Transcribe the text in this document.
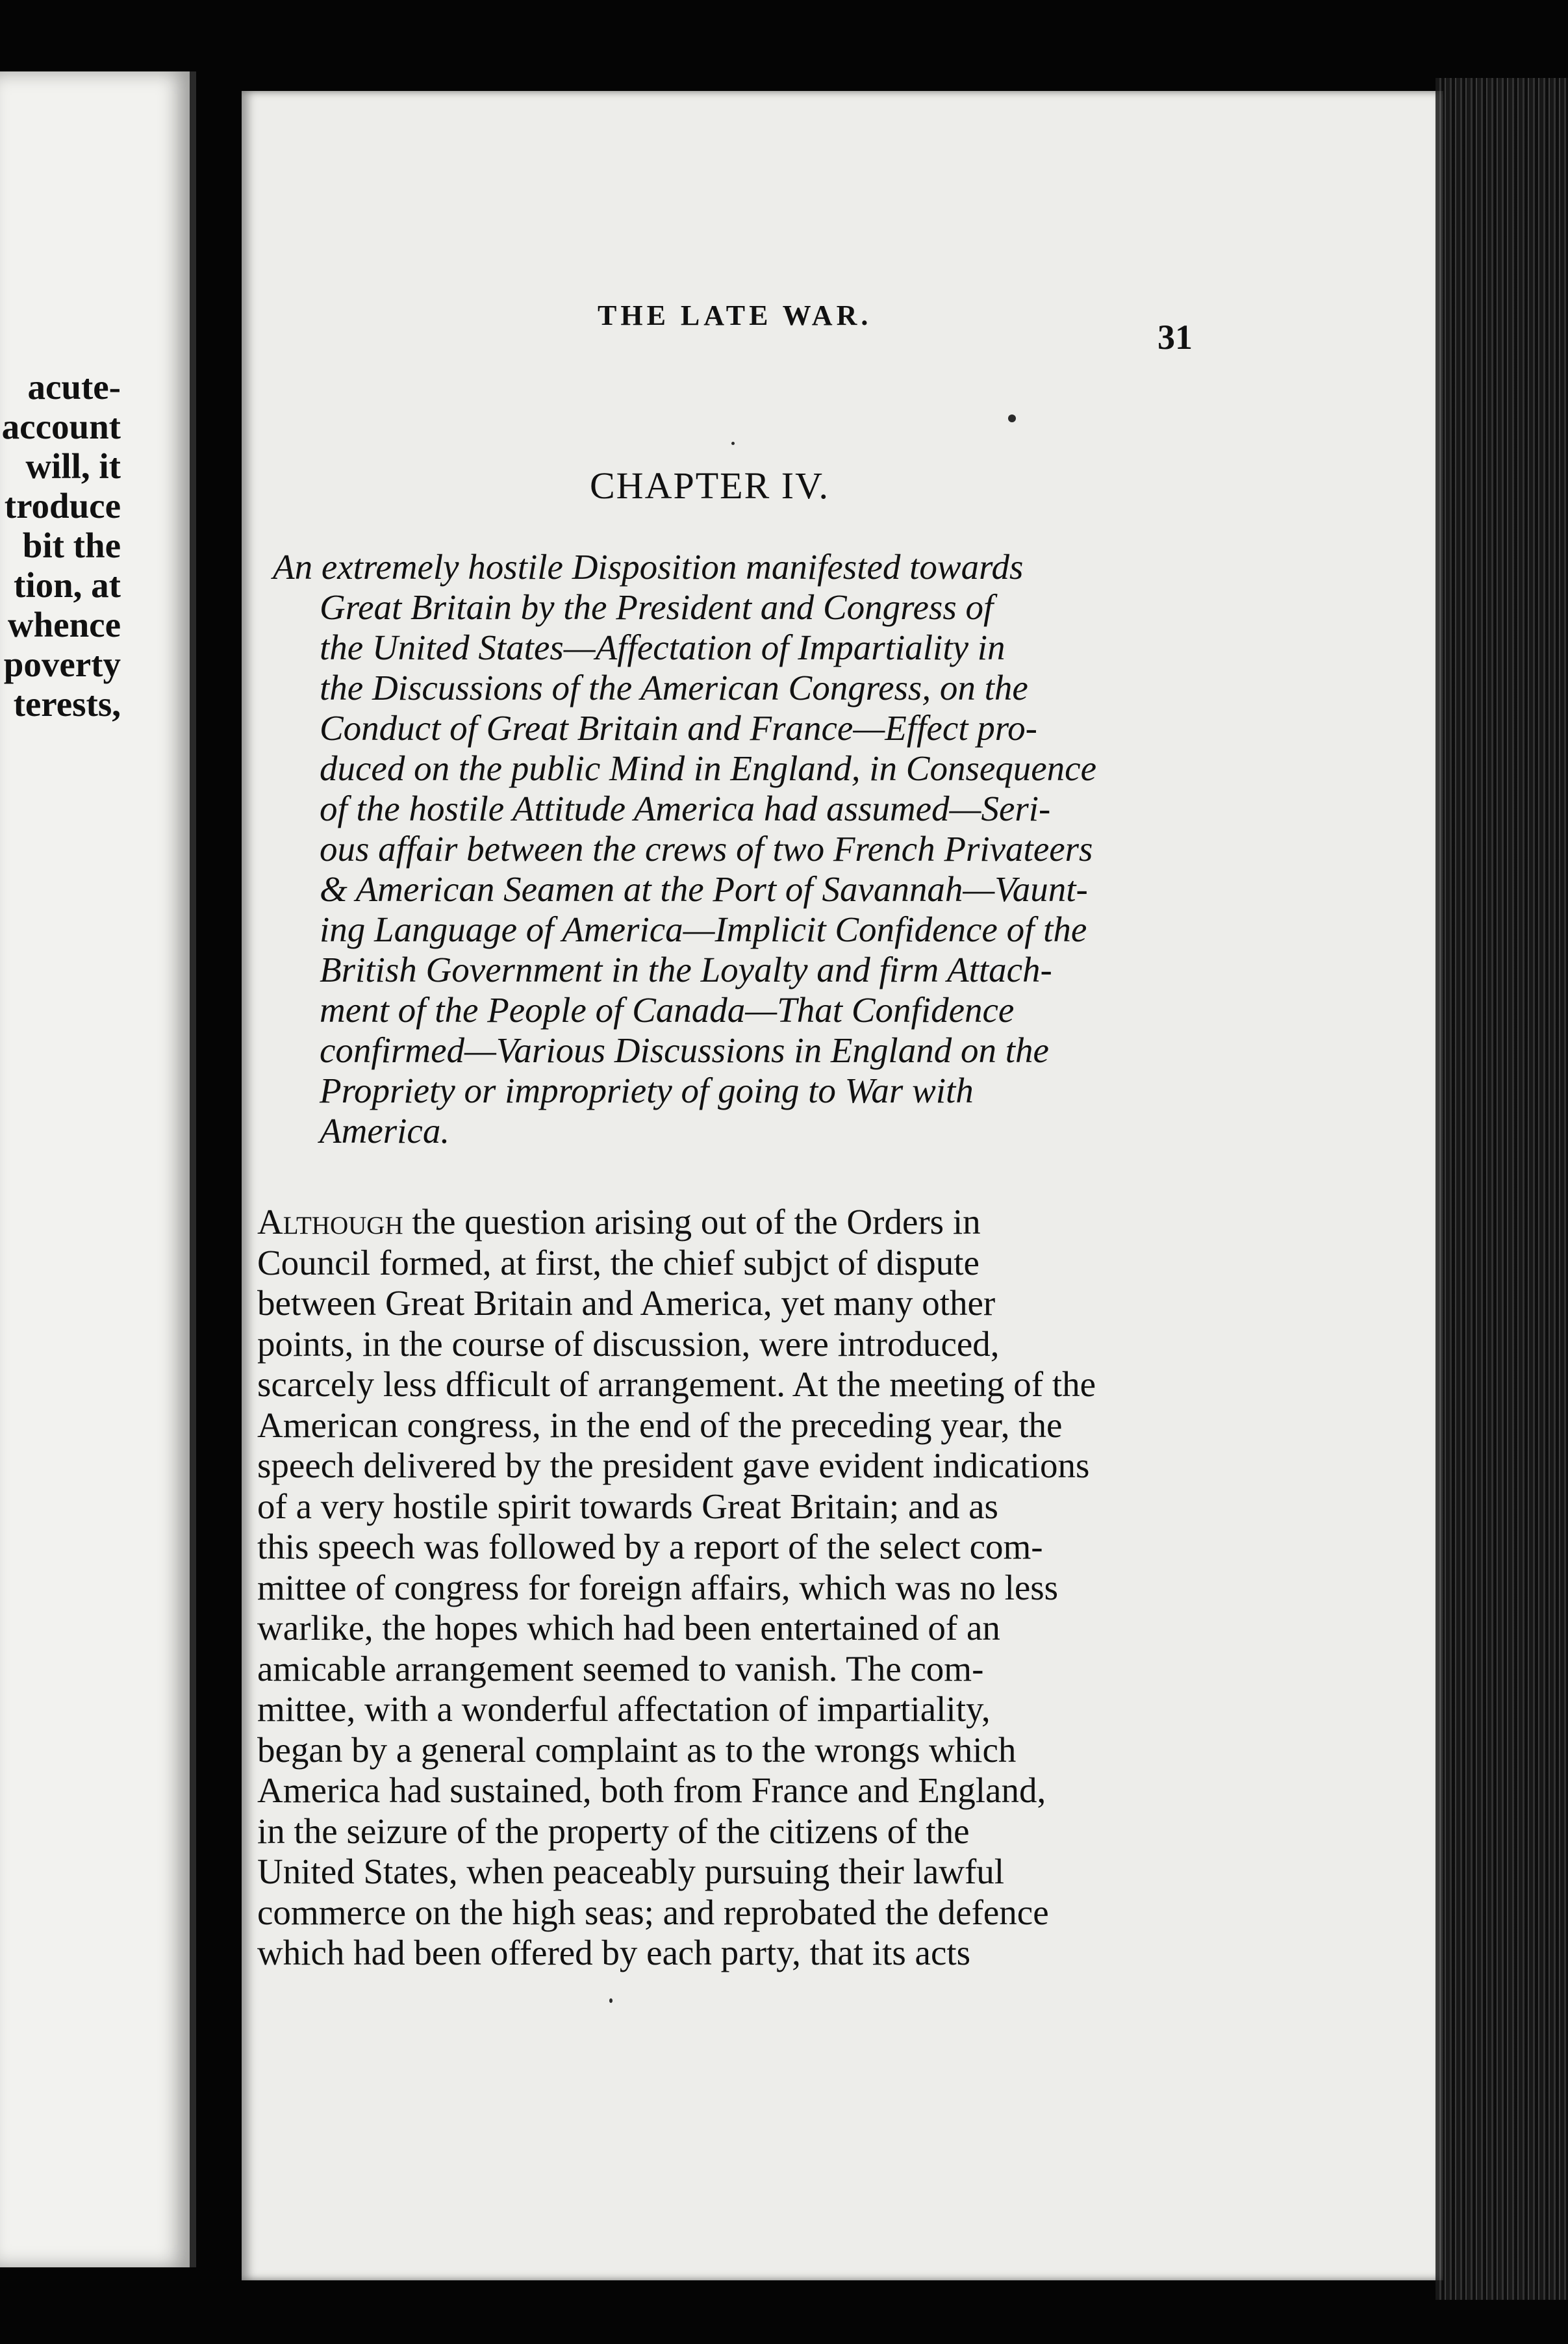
acute-
account
will, it
troduce
bit the
tion, at
whence
poverty
terests,
THE LATE WAR.
31
CHAPTER IV.
An extremely hostile Disposition manifested towards
Great Britain by the President and Congress of
the United States—Affectation of Impartiality in
the Discussions of the American Congress, on the
Conduct of Great Britain and France—Effect pro-
duced on the public Mind in England, in Consequence
of the hostile Attitude America had assumed—Seri-
ous affair between the crews of two French Privateers
& American Seamen at the Port of Savannah—Vaunt-
ing Language of America—Implicit Confidence of the
British Government in the Loyalty and firm Attach-
ment of the People of Canada—That Confidence
confirmed—Various Discussions in England on the
Propriety or impropriety of going to War with
America.
Although the question arising out of the Orders in
Council formed, at first, the chief subjct of dispute
between Great Britain and America, yet many other
points, in the course of discussion, were introduced,
scarcely less dfficult of arrangement. At the meeting of the
American congress, in the end of the preceding year, the
speech delivered by the president gave evident indications
of a very hostile spirit towards Great Britain; and as
this speech was followed by a report of the select com-
mittee of congress for foreign affairs, which was no less
warlike, the hopes which had been entertained of an
amicable arrangement seemed to vanish. The com-
mittee, with a wonderful affectation of impartiality,
began by a general complaint as to the wrongs which
America had sustained, both from France and England,
in the seizure of the property of the citizens of the
United States, when peaceably pursuing their lawful
commerce on the high seas; and reprobated the defence
which had been offered by each party, that its acts
